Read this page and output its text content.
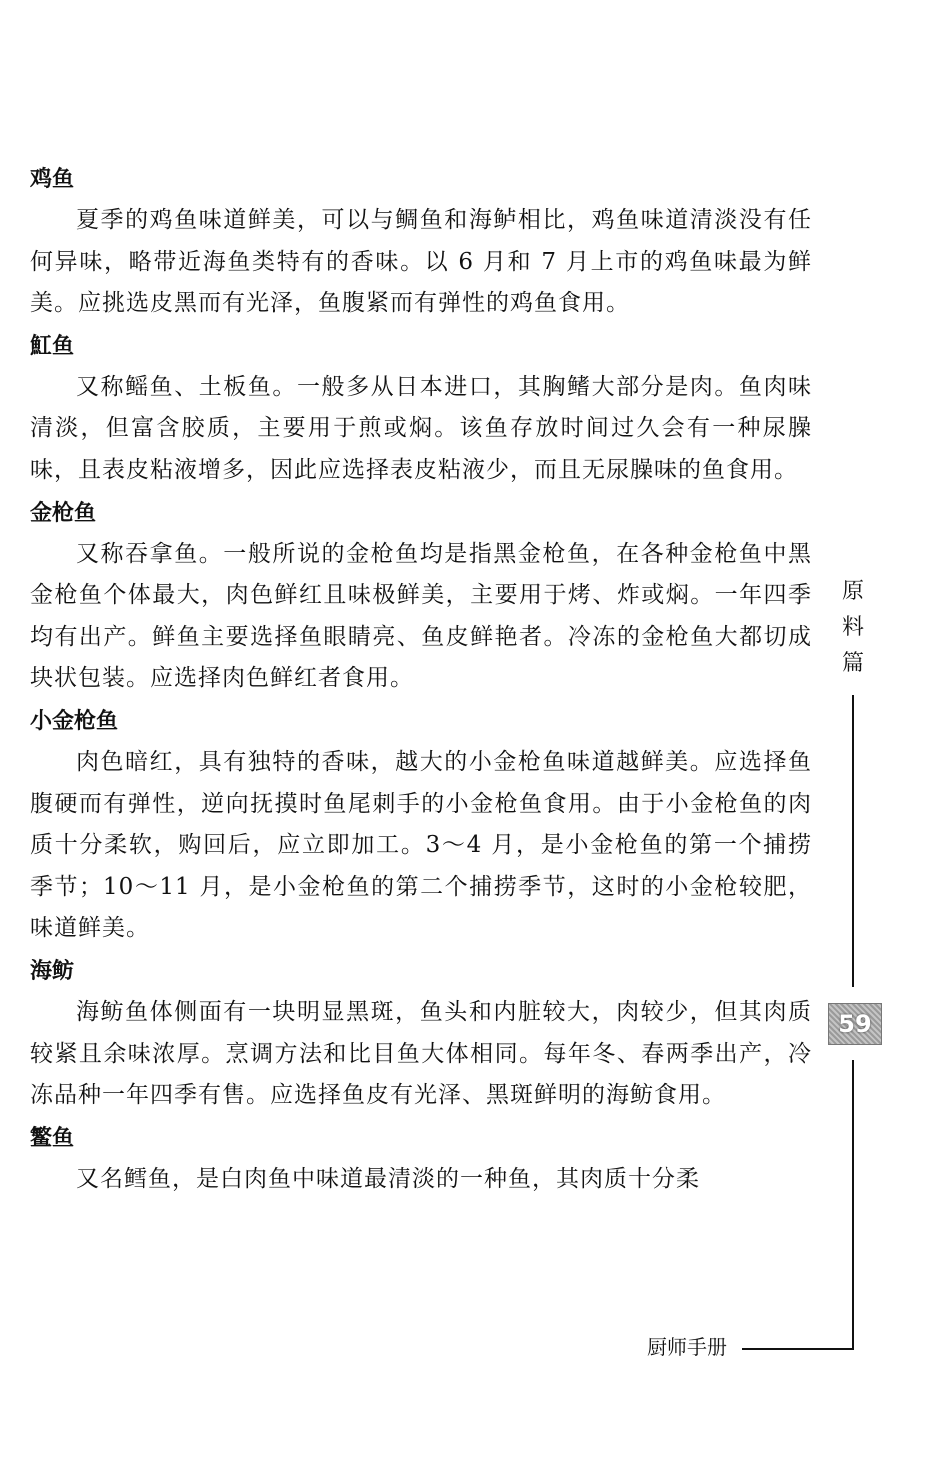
鸡鱼

夏季的鸡鱼味道鲜美，可以与鲷鱼和海鲈相比，鸡鱼味道清淡没有任何异味，略带近海鱼类特有的香味。以 6 月和 7 月上市的鸡鱼味最为鲜美。应挑选皮黑而有光泽，鱼腹紧而有弹性的鸡鱼食用。

魟鱼

又称鳐鱼、土板鱼。一般多从日本进口，其胸鳍大部分是肉。鱼肉味清淡，但富含胶质，主要用于煎或焖。该鱼存放时间过久会有一种尿臊味，且表皮粘液增多，因此应选择表皮粘液少，而且无尿臊味的鱼食用。

金枪鱼

又称吞拿鱼。一般所说的金枪鱼均是指黑金枪鱼，在各种金枪鱼中黑金枪鱼个体最大，肉色鲜红且味极鲜美，主要用于烤、炸或焖。一年四季均有出产。鲜鱼主要选择鱼眼睛亮、鱼皮鲜艳者。冷冻的金枪鱼大都切成块状包装。应选择肉色鲜红者食用。

小金枪鱼

肉色暗红，具有独特的香味，越大的小金枪鱼味道越鲜美。应选择鱼腹硬而有弹性，逆向抚摸时鱼尾刺手的小金枪鱼食用。由于小金枪鱼的肉质十分柔软，购回后，应立即加工。3～4 月，是小金枪鱼的第一个捕捞季节；10～11 月，是小金枪鱼的第二个捕捞季节，这时的小金枪较肥，味道鲜美。

海鲂

海鲂鱼体侧面有一块明显黑斑，鱼头和内脏较大，肉较少，但其肉质较紧且余味浓厚。烹调方法和比目鱼大体相同。每年冬、春两季出产，冷冻品种一年四季有售。应选择鱼皮有光泽、黑斑鲜明的海鲂食用。

鳘鱼

又名鳕鱼，是白肉鱼中味道最清淡的一种鱼，其肉质十分柔

原
料
篇
59
厨师手册
